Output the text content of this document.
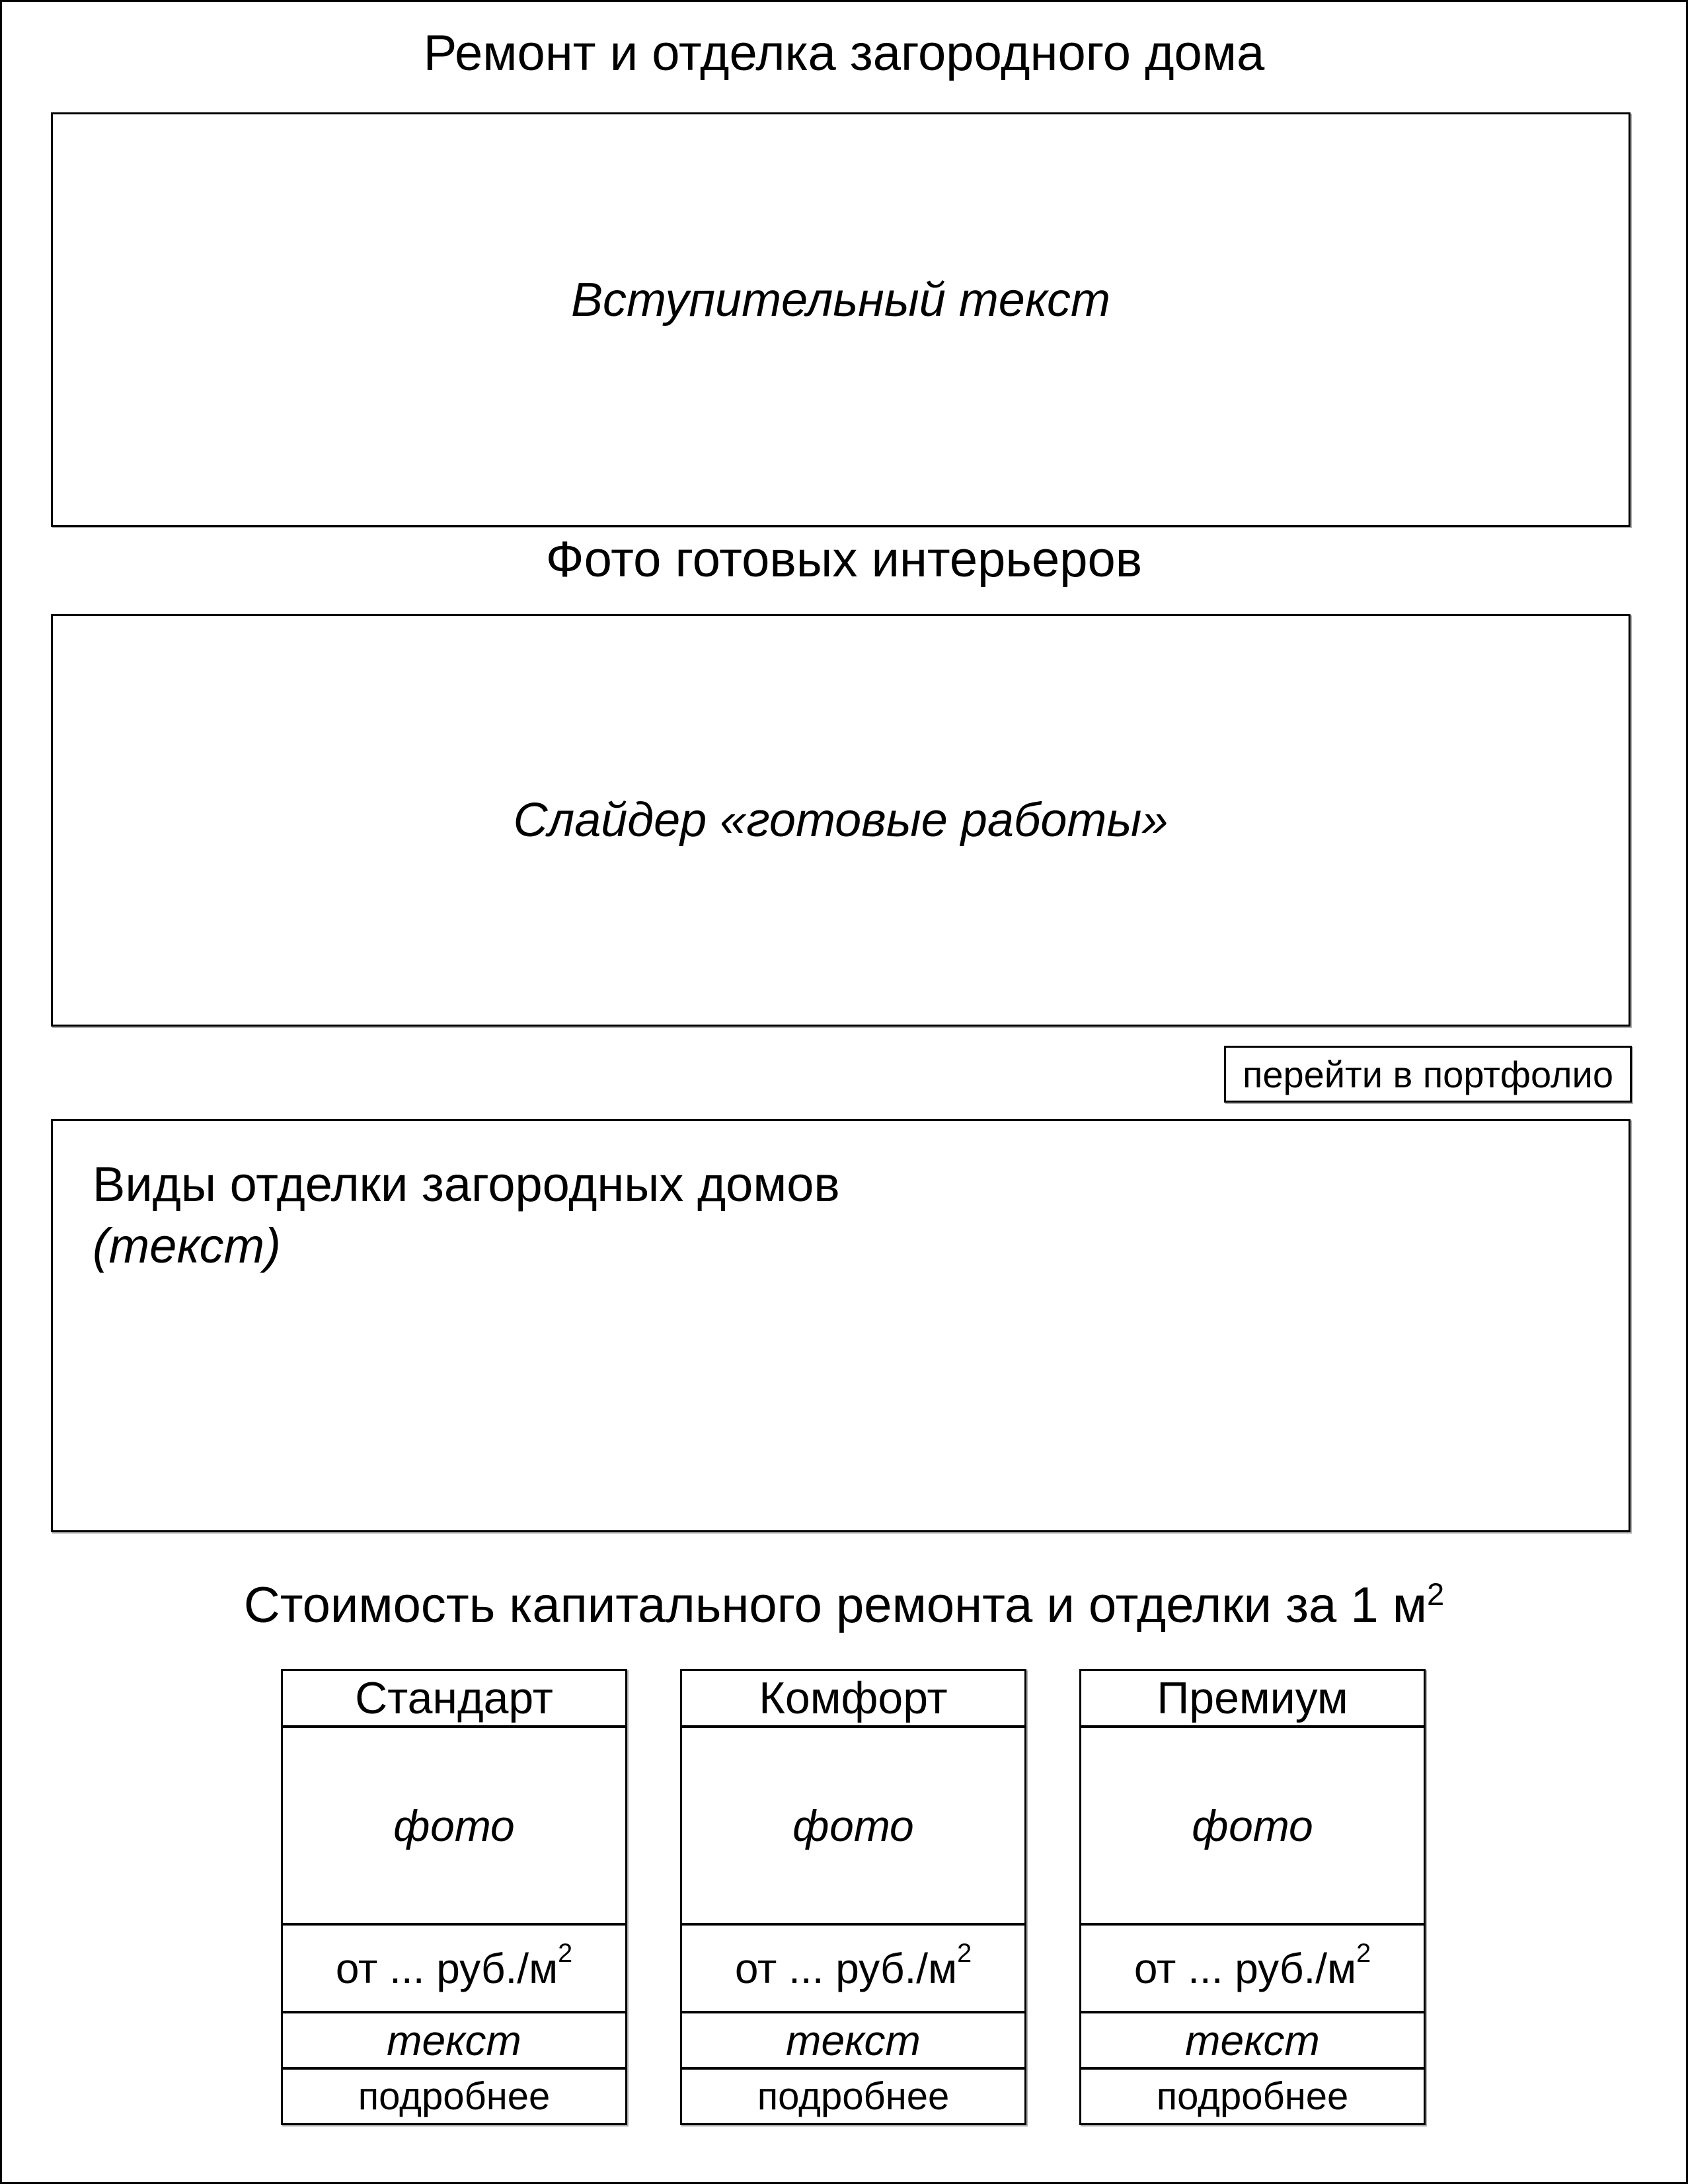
Ремонт и отделка загородного дома
Вступительный текст
Фото готовых интерьеров
Слайдер «готовые работы»
перейти в портфолио
Виды отделки загородных домов
(текст)
Стоимость капитального ремонта и отделки за 1 $м^2$
Стандарт
фото
от ... $руб./м^2$
текст
подробнее
Комфорт
фото
от ... $руб./м^2$
текст
подробнее
Премиум
фото
от ... $руб./м^2$
текст
подробнее
